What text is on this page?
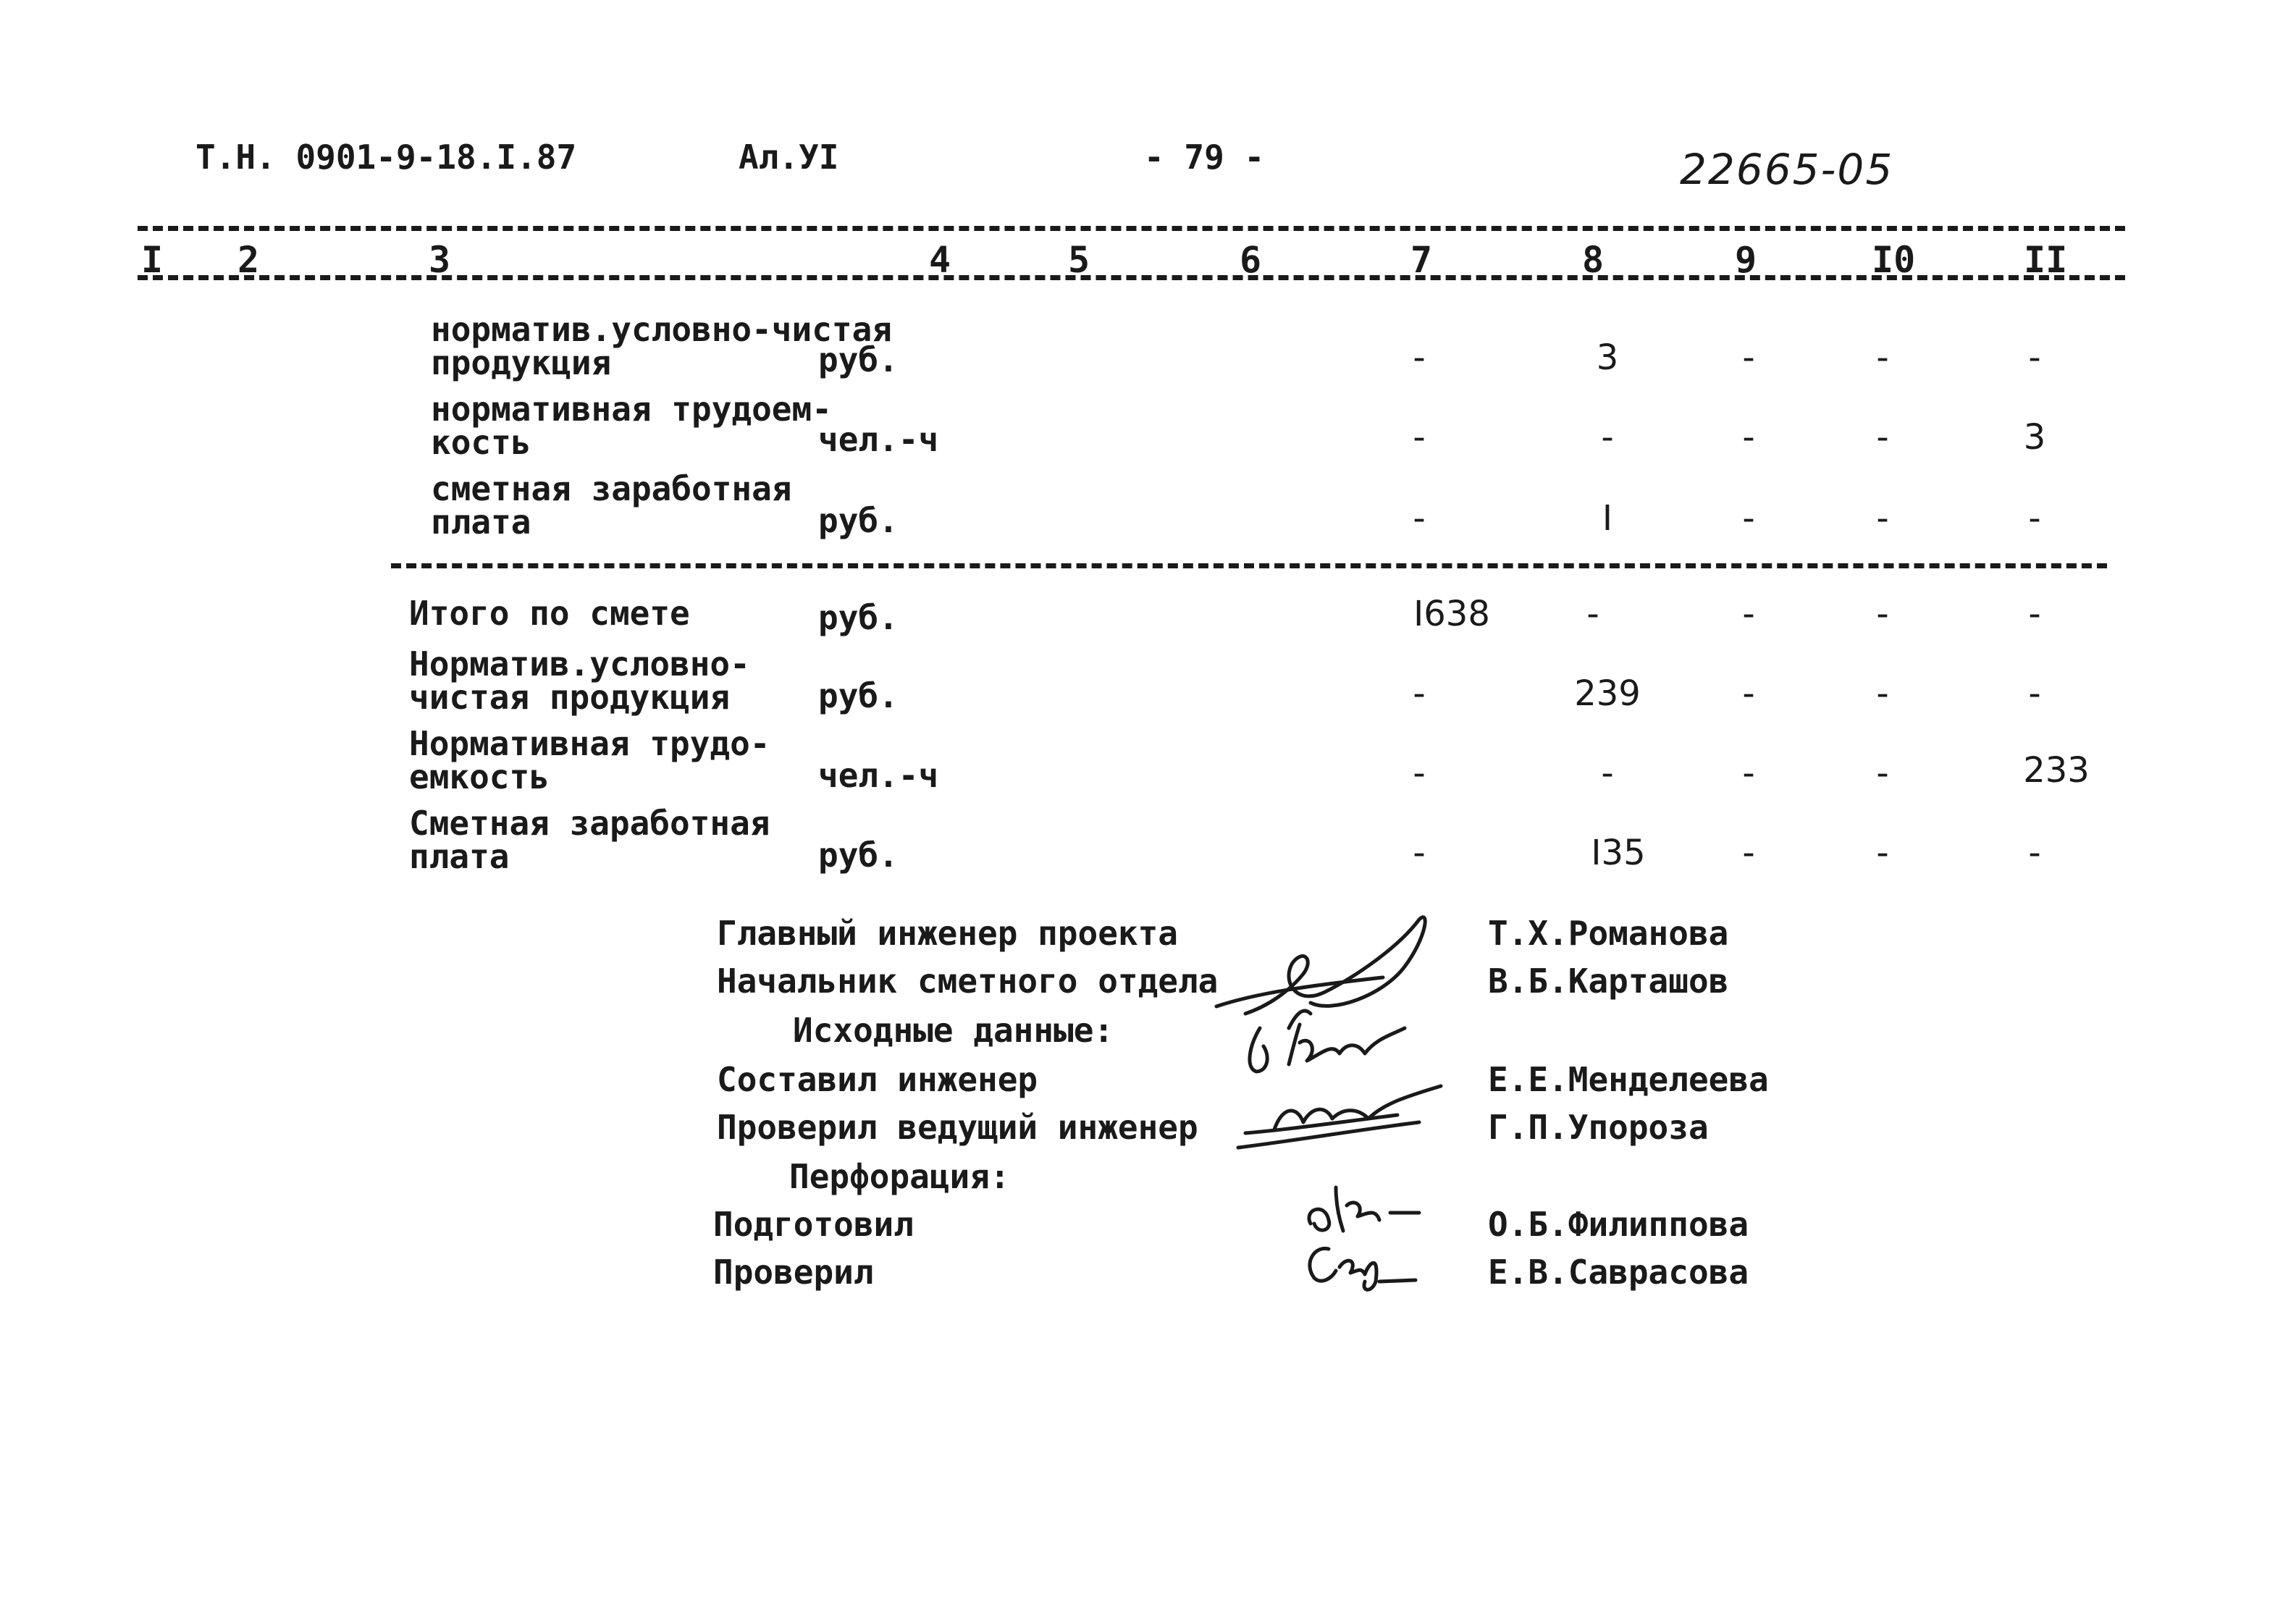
Т.Н. 0901-9-18.I.87	Ал.УI	- 79 -	22665-05
I 2	3	4	5	6	7	8	9	I0	II
норматив.условно-чистая
продукция	руб.	-	3	-	-	-
нормативная трудоем-
кость	чел.-ч	-	-	-	-	3
сметная заработная
плата	руб.	-	I	-	-	-
Итого по смете	руб.	I638	-	-	-	-
Норматив.условно-
чистая продукция	руб.	-	239	-	-	-
Нормативная трудо-
емкость	чел.-ч	-	-	-	-	233
Сметная заработная
плата	руб.	-	I35	-	-	-
Главный инженер проекта	Т.Х.Романова
Начальник сметного отдела	В.Б.Карташов
Исходные данные:
Составил инженер	Е.Е.Менделеева
Проверил ведущий инженер	Г.П.Упороза
Перфорация:
Подготовил	О.Б.Филиппова
Проверил	Е.В.Саврасова
